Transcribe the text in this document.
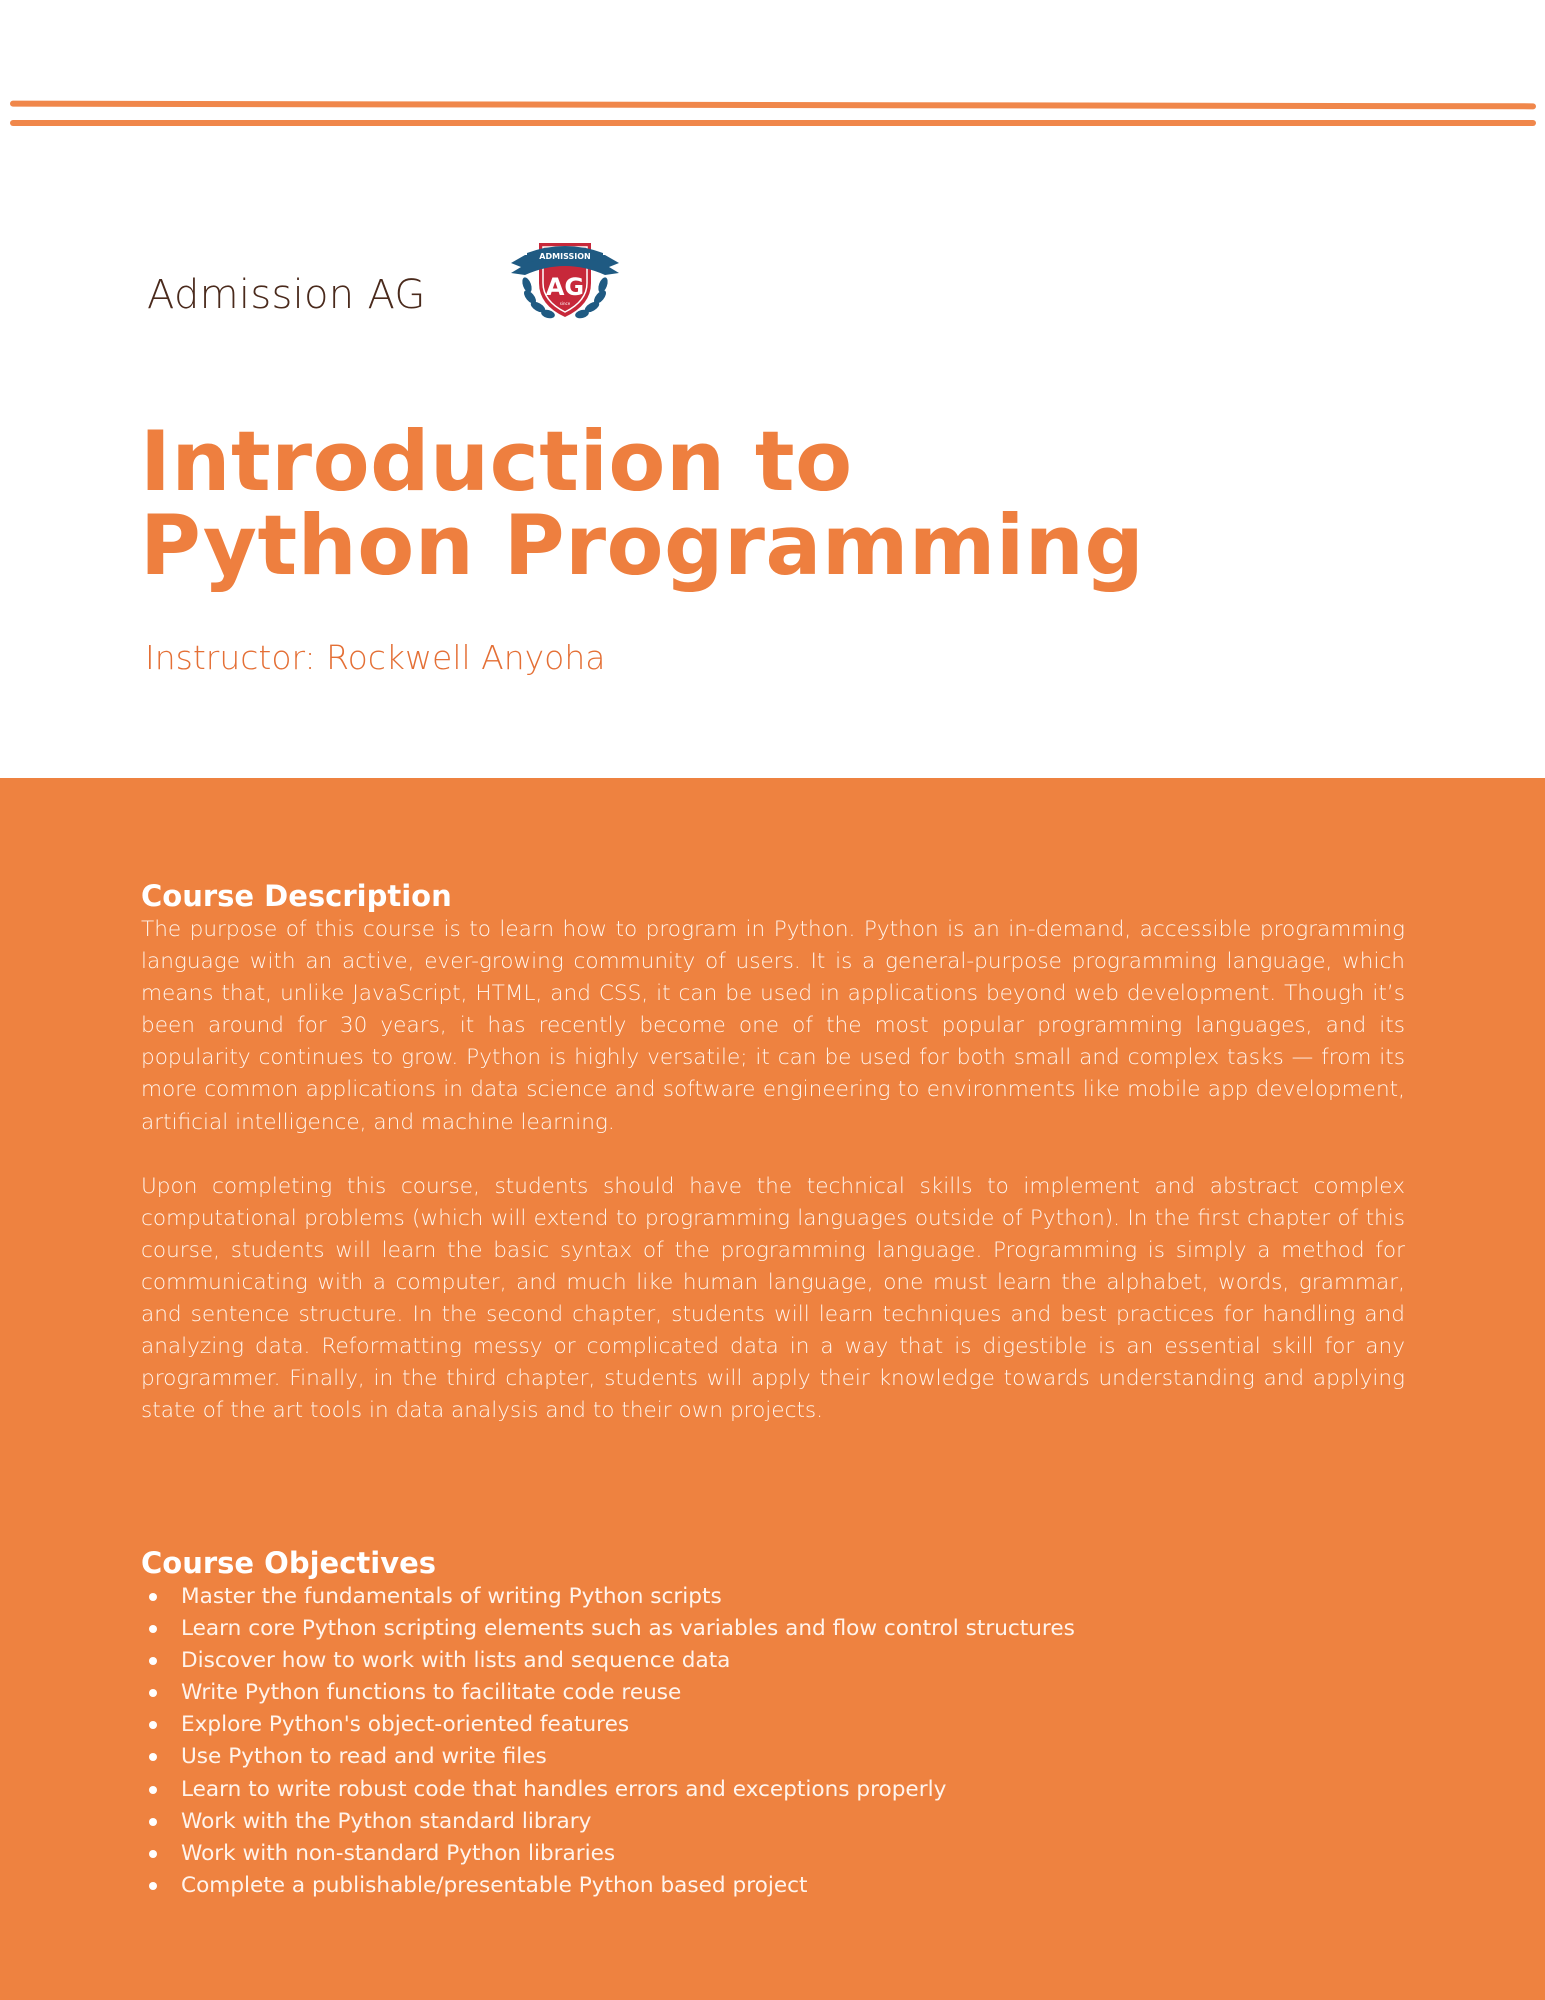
Admission AG
ADMISSION
AG
since
Introduction to
Python Programming
Instructor: Rockwell Anyoha
Course Description

The purpose of this course is to learn how to program in Python. Python is an in-demand, accessible programming language with an active, ever-growing community of users. It is a general-purpose programming language, which means that, unlike JavaScript, HTML, and CSS, it can be used in applications beyond web development. Though it’s been around for 30 years, it has recently become one of the most popular programming languages, and its popularity continues to grow. Python is highly versatile; it can be used for both small and complex tasks — from its more common applications in data science and software engineering to environments like mobile app development, artificial intelligence, and machine learning.

Upon completing this course, students should have the technical skills to implement and abstract complex computational problems (which will extend to programming languages outside of Python). In the first chapter of this course, students will learn the basic syntax of the programming language. Programming is simply a method for communicating with a computer, and much like human language, one must learn the alphabet, words, grammar, and sentence structure. In the second chapter, students will learn techniques and best practices for handling and analyzing data. Reformatting messy or complicated data in a way that is digestible is an essential skill for any programmer. Finally, in the third chapter, students will apply their knowledge towards understanding and applying state of the art tools in data analysis and to their own projects.

Course Objectives
Master the fundamentals of writing Python scripts
Learn core Python scripting elements such as variables and flow control structures
Discover how to work with lists and sequence data
Write Python functions to facilitate code reuse
Explore Python's object-oriented features
Use Python to read and write files
Learn to write robust code that handles errors and exceptions properly
Work with the Python standard library
Work with non-standard Python libraries
Complete a publishable/presentable Python based project
